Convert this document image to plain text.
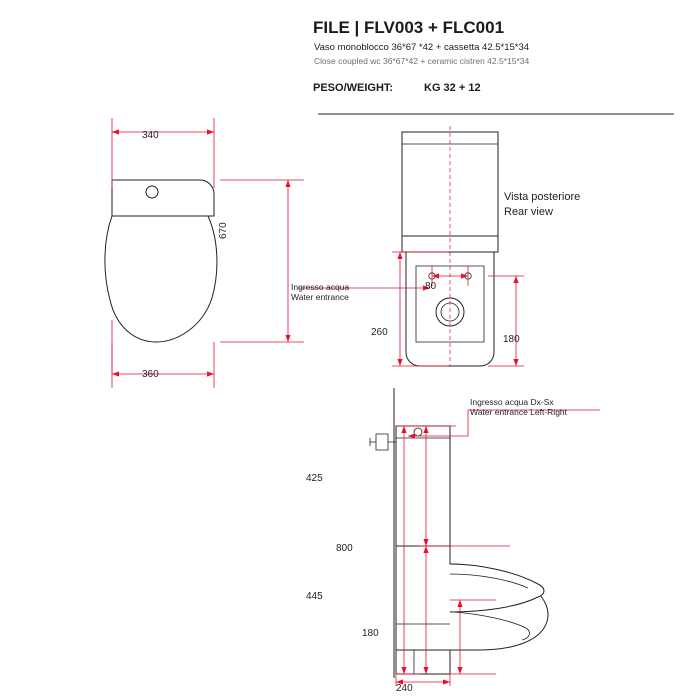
FILE | FLV003 + FLC001
Vaso monoblocco 36*67 *42 + cassetta 42.5*15*34
Close coupled wc 36*67*42 + ceramic cistren 42.5*15*34
PESO/WEIGHT:	KG 32 + 12
340
670
360
80
260
180
Ingresso acqua
Water entrance
Vista posteriore
Rear view
425
800
445
180
240
Ingresso acqua Dx-Sx
Water entrance Left-Right
